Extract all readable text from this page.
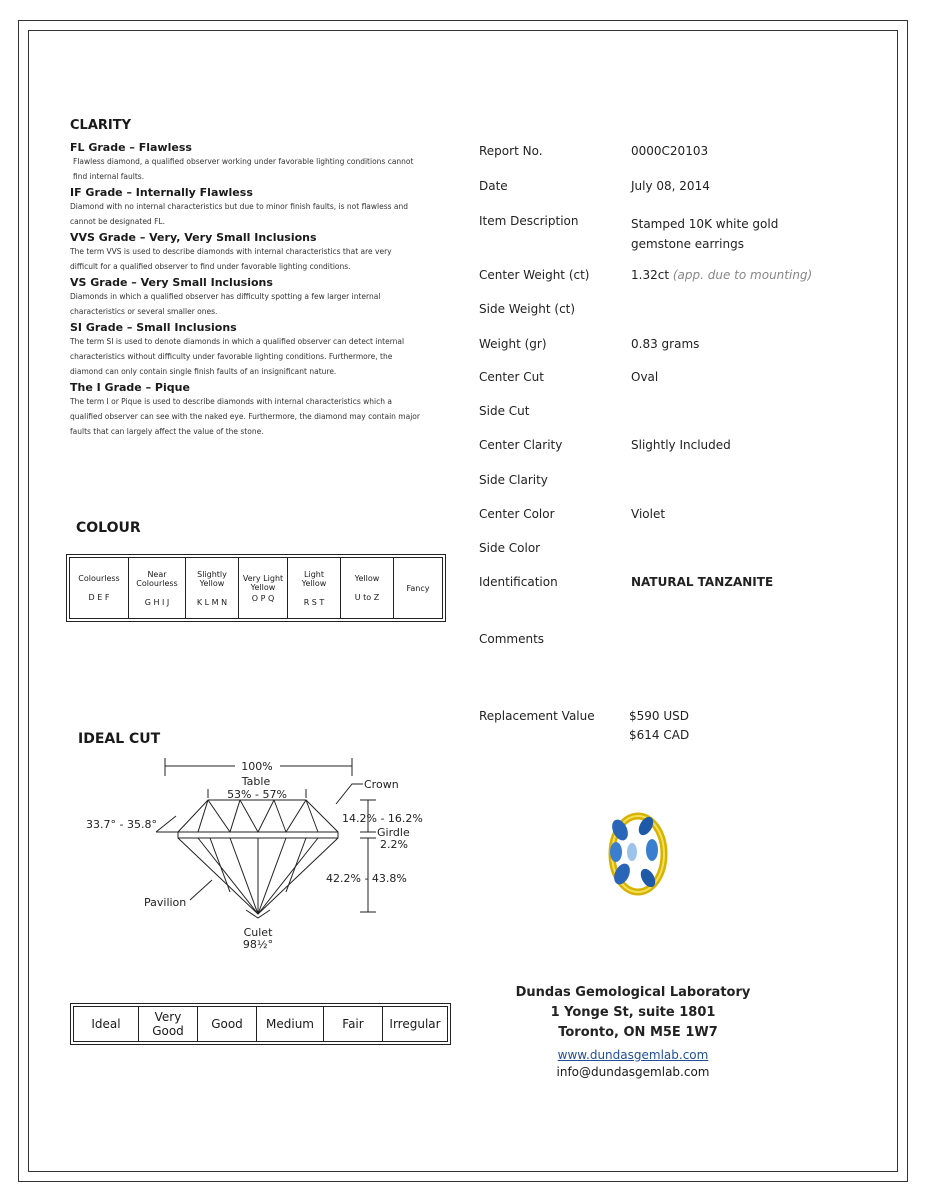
CLARITY
FL Grade – Flawless
Flawless diamond, a qualified observer working under favorable lighting conditions cannot find internal faults.
IF Grade – Internally Flawless
Diamond with no internal characteristics but due to minor finish faults, is not flawless and cannot be designated FL.
VVS Grade – Very, Very Small Inclusions
The term VVS is used to describe diamonds with internal characteristics that are very difficult for a qualified observer to find under favorable lighting conditions.
VS Grade – Very Small Inclusions
Diamonds in which a qualified observer has difficulty spotting a few larger internal characteristics or several smaller ones.
SI Grade – Small Inclusions
The term SI is used to denote diamonds in which a qualified observer can detect internal characteristics without difficulty under favorable lighting conditions. Furthermore, the diamond can only contain single finish faults of an insignificant nature.
The I Grade – Pique
The term I or Pique is used to describe diamonds with internal characteristics which a qualified observer can see with the naked eye. Furthermore, the diamond may contain major faults that can largely affect the value of the stone.
COLOUR
Colourless
D E F

Near Colourless
G H I J

Slightly Yellow
K L M N

Very Light Yellow
O P Q

Light Yellow
R S T

Yellow
U to Z

Fancy
IDEAL CUT
100%
Table
53% - 57%
Crown
33.7° - 35.8°	14.2% - 16.2%
Girdle
2.2%
42.2% - 43.8%
Pavilion
Culet
98½°
Ideal	Very Good	Good	Medium	Fair	Irregular
Report No.	0000C20103
Date	July 08, 2014
Item Description	Stamped 10K white gold gemstone earrings
Center Weight (ct)	1.32ct (app. due to mounting)
Side Weight (ct)
Weight (gr)	0.83 grams
Center Cut	Oval
Side Cut
Center Clarity	Slightly Included
Side Clarity
Center Color	Violet
Side Color
Identification	NATURAL TANZANITE
Comments
Replacement Value	$590 USD
$614 CAD
Dundas Gemological Laboratory
1 Yonge St, suite 1801
Toronto, ON M5E 1W7
www.dundasgemlab.com
info@dundasgemlab.com
